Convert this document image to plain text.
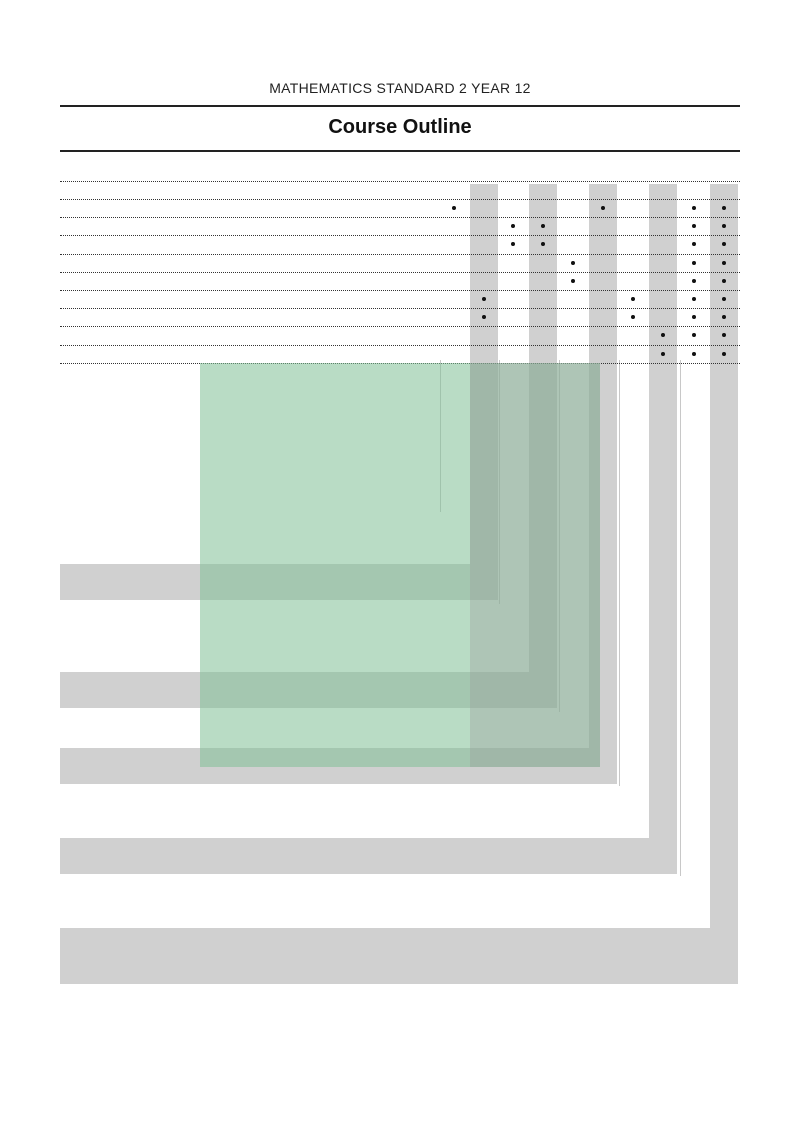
MATHEMATICS STANDARD 2 YEAR 12
Course Outline
